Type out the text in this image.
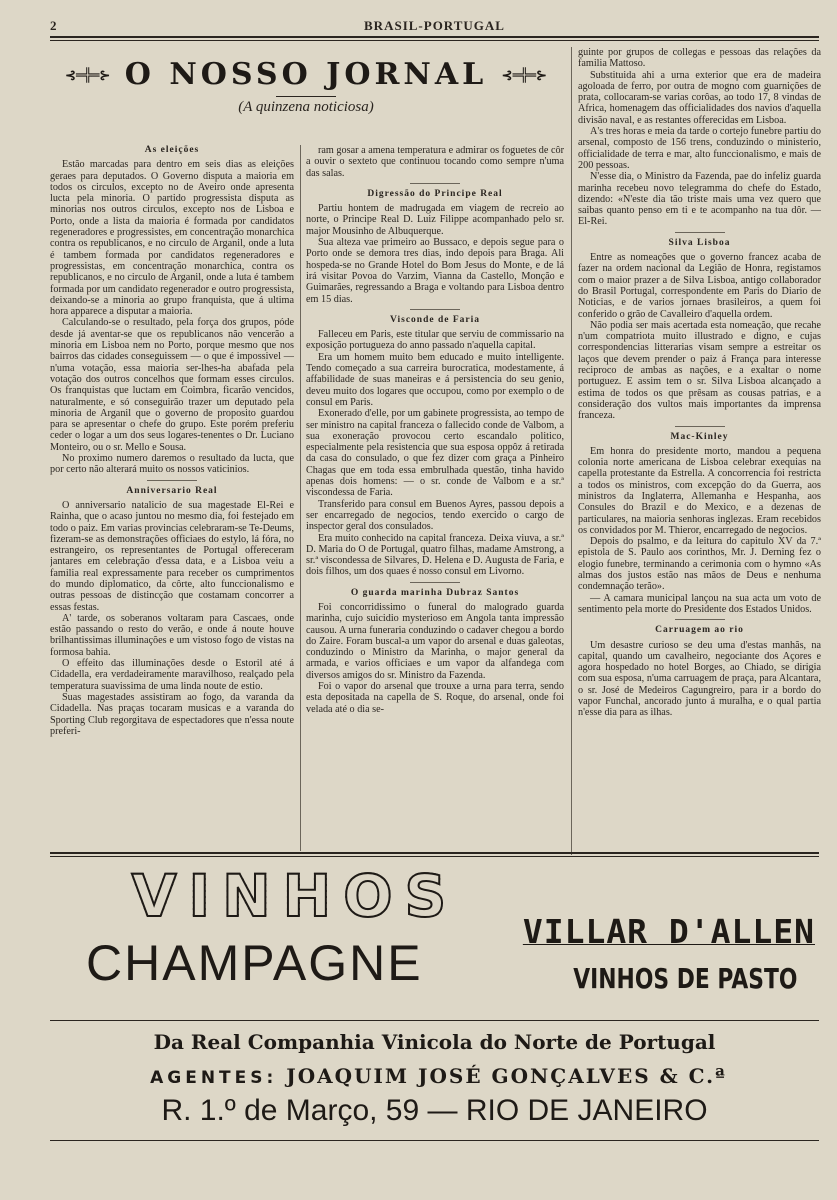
2	BRASIL-PORTUGAL
⊰═╬═⊱ O NOSSO JORNAL ⊰═╬═⊱
(A quinzena noticiosa)
As eleições

Estão marcadas para dentro em seis dias as eleições geraes para deputados. O Governo disputa a maioria em todos os circulos, excepto no de Aveiro onde apresenta lucta pela minoria. O partido progressista disputa as minorias nos outros circulos, excepto nos de Lisboa e Porto, onde a lista da maioria é formada por candidatos regeneradores e progressistes, em concentração monarchica contra os republicanos, e no circulo de Arganil, onde a luta é tambem formada por candidatos regeneradores e progressistas, em concentração monarchica, contra os republicanos, e no circulo de Arganil, onde a luta é tambem formada por um candidato regenerador e outro progressista, deixando-se a minoria ao grupo franquista, que á ultima hora apparece a disputar a maioria.

Calculando-se o resultado, pela força dos grupos, póde desde já aventar-se que os republicanos não vencerão a minoria em Lisboa nem no Porto, porque mesmo que nos bairros das cidades conseguissem — o que é impossivel — n'uma votação, essa maioria ser-lhes-ha abafada pela votação dos outros concelhos que formam esses circulos. Os franquistas que luctam em Coimbra, ficarão vencidos, naturalmente, e só conseguirão trazer um deputado pela minoria de Arganil que o governo de proposito guardou para se apresentar o chefe do grupo. Este porém preferiu ceder o logar a um dos seus logares-tenentes o Dr. Luciano Monteiro, ou o sr. Mello e Sousa.

No proximo numero daremos o resultado da lucta, que por certo não alterará muito os nossos vaticinios.

Anniversario Real

O anniversario natalicio de sua magestade El-Rei e Rainha, que o acaso juntou no mesmo dia, foi festejado em todo o paiz. Em varias provincias celebraram-se Te-Deums, fizeram-se as demonstrações officiaes do estylo, lá fóra, no estrangeiro, os representantes de Portugal offereceram jantares em celebração d'essa data, e a Lisboa veiu a familia real expressamente para receber os cumprimentos do mundo diplomatico, da côrte, alto funccionalismo e outras pessoas de distincção que costamam concorrer a essas festas.

A' tarde, os soberanos voltaram para Cascaes, onde estão passando o resto do verão, e onde á noute houve brilhantissimas illuminações e um vistoso fogo de vistas na formosa bahia.

O effeito das illuminações desde o Estoril até á Cidadella, era verdadeiramente maravilhoso, realçado pela temperatura suavissima de uma linda noute de estio.

Suas magestades assistiram ao fogo, da varanda da Cidadella. Nas praças tocaram musicas e a varanda do Sporting Club regorgitava de espectadores que n'essa noute preferi-

ram gosar a amena temperatura e admirar os foguetes de côr a ouvir o sexteto que continuou tocando como sempre n'uma das salas.

Digressão do Principe Real

Partiu hontem de madrugada em viagem de recreio ao norte, o Principe Real D. Luiz Filippe acompanhado pelo sr. major Mousinho de Albuquerque.

Sua alteza vae primeiro ao Bussaco, e depois segue para o Porto onde se demora tres dias, indo depois para Braga. Ali hospeda-se no Grande Hotel do Bom Jesus do Monte, e de lá irá visitar Povoa do Varzim, Vianna da Castello, Monção e Guimarães, regressando a Braga e voltando para Lisboa dentro em 15 dias.

Visconde de Faria

Falleceu em Paris, este titular que serviu de commissario na exposição portugueza do anno passado n'aquella capital.

Era um homem muito bem educado e muito intelligente. Tendo começado a sua carreira burocratica, modestamente, á affabilidade de suas maneiras e á persistencia do seu genio, deveu muito dos logares que occupou, como por exemplo o de consul em Paris.

Exonerado d'elle, por um gabinete progressista, ao tempo de ser ministro na capital franceza o fallecido conde de Valbom, a sua exoneração provocou certo escandalo politico, especialmente pela resistencia que sua esposa oppôz á retirada da casa do consulado, o que fez dizer com graça a Pinheiro Chagas que em toda essa embrulhada questão, tinha havido apenas dois homens: — o sr. conde de Valbom e a sr.ª viscondessa de Faria.

Transferido para consul em Buenos Ayres, passou depois a ser encarregado de negocios, tendo exercido o cargo de inspector geral dos consulados.

Era muito conhecido na capital franceza. Deixa viuva, a sr.ª D. Maria do O de Portugal, quatro filhas, madame Amstrong, a sr.ª viscondessa de Silvares, D. Helena e D. Augusta de Faria, e dois filhos, um dos quaes é nosso consul em Livorno.

O guarda marinha Dubraz Santos

Foi concorridissimo o funeral do malogrado guarda marinha, cujo suicidio mysterioso em Angola tanta impressão causou. A urna funeraria conduzindo o cadaver chegou a bordo do Zaire. Foram buscal-a um vapor do arsenal e duas galeotas, conduzindo o Ministro da Marinha, o major general da armada, e varios officiaes e um vapor da alfandega com diversos amigos do sr. Ministro da Fazenda.

Foi o vapor do arsenal que trouxe a urna para terra, sendo esta depositada na capella de S. Roque, do arsenal, onde foi velada até o dia se-

guinte por grupos de collegas e pessoas das relações da familia Mattoso.

Substituida ahi a urna exterior que era de madeira agoloada de ferro, por outra de mogno com guarnições de prata, collocaram-se varias corôas, ao todo 17, 8 vindas de Africa, homenagem das officialidades dos navios d'aquella divisão naval, e as restantes offerecidas em Lisboa.

A's tres horas e meia da tarde o cortejo funebre partiu do arsenal, composto de 156 trens, conduzindo o ministerio, officialidade de terra e mar, alto funccionalismo, e mais de 200 pessoas.

N'esse dia, o Ministro da Fazenda, pae do infeliz guarda marinha recebeu novo telegramma do chefe do Estado, dizendo: «N'este dia tão triste mais uma vez quero que saibas quanto penso em ti e te acompanho na tua dôr. — El-Rei.

Silva Lisboa

Entre as nomeações que o governo francez acaba de fazer na ordem nacional da Legião de Honra, registamos com o maior prazer a de Silva Lisboa, antigo collaborador do Brasil Portugal, correspondente em Paris do Diario de Noticias, e de varios jornaes brasileiros, a quem foi conferido o grão de Cavalleiro d'aquella ordem.

Não podia ser mais acertada esta nomeação, que recahe n'um compatriota muito illustrado e digno, e cujas correspondencias litterarias visam sempre a estreitar os laços que devem prender o paiz á França para interesse reciproco de ambas as nações, e a exaltar o nome portuguez. E assim tem o sr. Silva Lisboa alcançado a estima de todos os que prêsam as cousas patrias, e a consideração dos vultos mais importantes da imprensa franceza.

Mac-Kinley

Em honra do presidente morto, mandou a pequena colonia norte americana de Lisboa celebrar exequias na capella protestante da Estrella. A concorrencia foi restricta a todos os ministros, com excepção do da Guerra, aos ministros da Inglaterra, Allemanha e Hespanha, aos Consules do Brazil e do Mexico, e a dezenas de particulares, na maioria senhoras inglezas. Eram recebidos os convidados por M. Thieror, encarregado de negocios.

Depois do psalmo, e da leitura do capitulo XV da 7.ª epistola de S. Paulo aos corinthos, Mr. J. Derning fez o elogio funebre, terminando a cerimonia com o hymno «As almas dos justos estão nas mãos de Deus e nenhuma condemnação terão».

— A camara municipal lançou na sua acta um voto de sentimento pela morte do Presidente dos Estados Unidos.

Carruagem ao rio

Um desastre curioso se deu uma d'estas manhãs, na capital, quando um cavalheiro, negociante dos Açores e agora hospedado no hotel Borges, ao Chiado, se dirigia com sua esposa, n'uma carruagem de praça, para Alcantara, o sr. José de Medeiros Cagungreiro, para ir a bordo do vapor Funchal, ancorado junto á muralha, e o qual partia n'esse dia para as ilhas.

VINHOS
VILLAR D'ALLEN
CHAMPAGNE	VINHOS DE PASTO
Da Real Companhia Vinicola do Norte de Portugal
AGENTES: JOAQUIM JOSÉ GONÇALVES & C.ª
R. 1.º de Março, 59 — RIO DE JANEIRO
